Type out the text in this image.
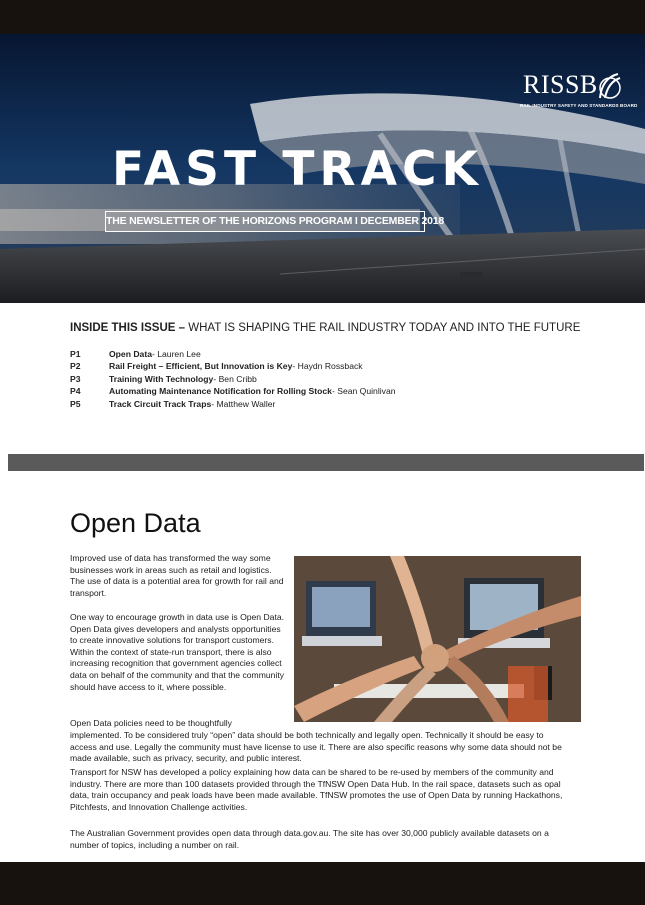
RISSB
RAIL INDUSTRY SAFETY AND STANDARDS BOARD
FAST TRACK
THE NEWSLETTER OF THE HORIZONS PROGRAM I DECEMBER 2018
INSIDE THIS ISSUE – WHAT IS SHAPING THE RAIL INDUSTRY TODAY AND INTO THE FUTURE
P1	Open Data - Lauren Lee
P2	Rail Freight – Efficient, But Innovation is Key - Haydn Rossback
P3	Training With Technology - Ben Cribb
P4	Automating Maintenance Notification for Rolling Stock - Sean Quinlivan
P5	Track Circuit Track Traps - Matthew Waller
Open Data
Improved use of data has transformed the way some businesses work in areas such as retail and logistics. The use of data is a potential area for growth for rail and transport.
One way to encourage growth in data use is Open Data. Open Data gives developers and analysts opportunities to create innovative solutions for transport customers. Within the context of state-run transport, there is also increasing recognition that government agencies collect data on behalf of the community and that the community should have access to it, where possible.
Open Data policies need to be thoughtfully
implemented. To be considered truly “open” data should be both technically and legally open. Technically it should be easy to access and use. Legally the community must have license to use it. There are also specific reasons why some data should not be made available, such as privacy, security, and public interest.
Transport for NSW has developed a policy explaining how data can be shared to be re-used by members of the community and industry. There are more than 100 datasets provided through the TfNSW Open Data Hub. In the rail space, datasets such as opal data, train occupancy and peak loads have been made available. TfNSW promotes the use of Open Data by running Hackathons, Pitchfests, and Innovation Challenge activities.
The Australian Government provides open data through data.gov.au. The site has over 30,000 publicly available datasets on a number of topics, including a number on rail.
